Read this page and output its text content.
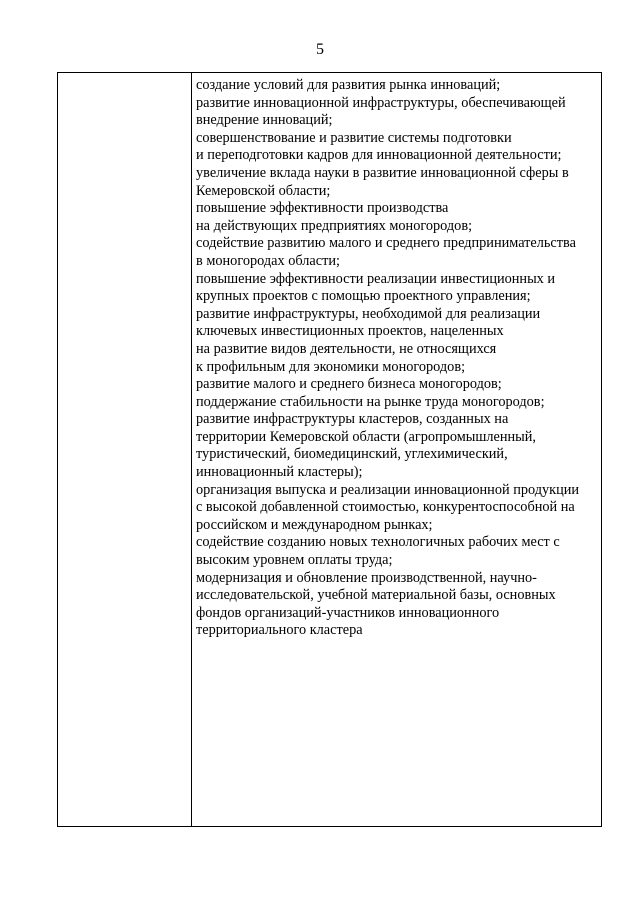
5

создание условий для развития рынка инноваций;

развитие инновационной инфраструктуры, обеспечивающей

внедрение инноваций;

совершенствование и развитие системы подготовки

и переподготовки кадров для инновационной деятельности;

увеличение вклада науки в развитие инновационной сферы в

Кемеровской области;

повышение эффективности производства

на действующих предприятиях моногородов;

содействие развитию малого и среднего предпринимательства

в моногородах области;

повышение эффективности реализации инвестиционных и

крупных проектов с помощью проектного управления;

развитие инфраструктуры, необходимой для реализации

ключевых инвестиционных проектов, нацеленных

на развитие видов деятельности, не относящихся

к профильным для экономики моногородов;

развитие малого и среднего бизнеса моногородов;

поддержание стабильности на рынке труда моногородов;

развитие инфраструктуры кластеров, созданных на

территории Кемеровской области (агропромышленный,

туристический, биомедицинский, углехимический,

инновационный кластеры);

организация выпуска и реализации инновационной продукции

с высокой добавленной стоимостью, конкурентоспособной на

российском и международном рынках;

содействие созданию новых технологичных рабочих мест с

высоким уровнем оплаты труда;

модернизация и обновление производственной, научно-

исследовательской, учебной материальной базы, основных

фондов организаций-участников инновационного

территориального кластера
